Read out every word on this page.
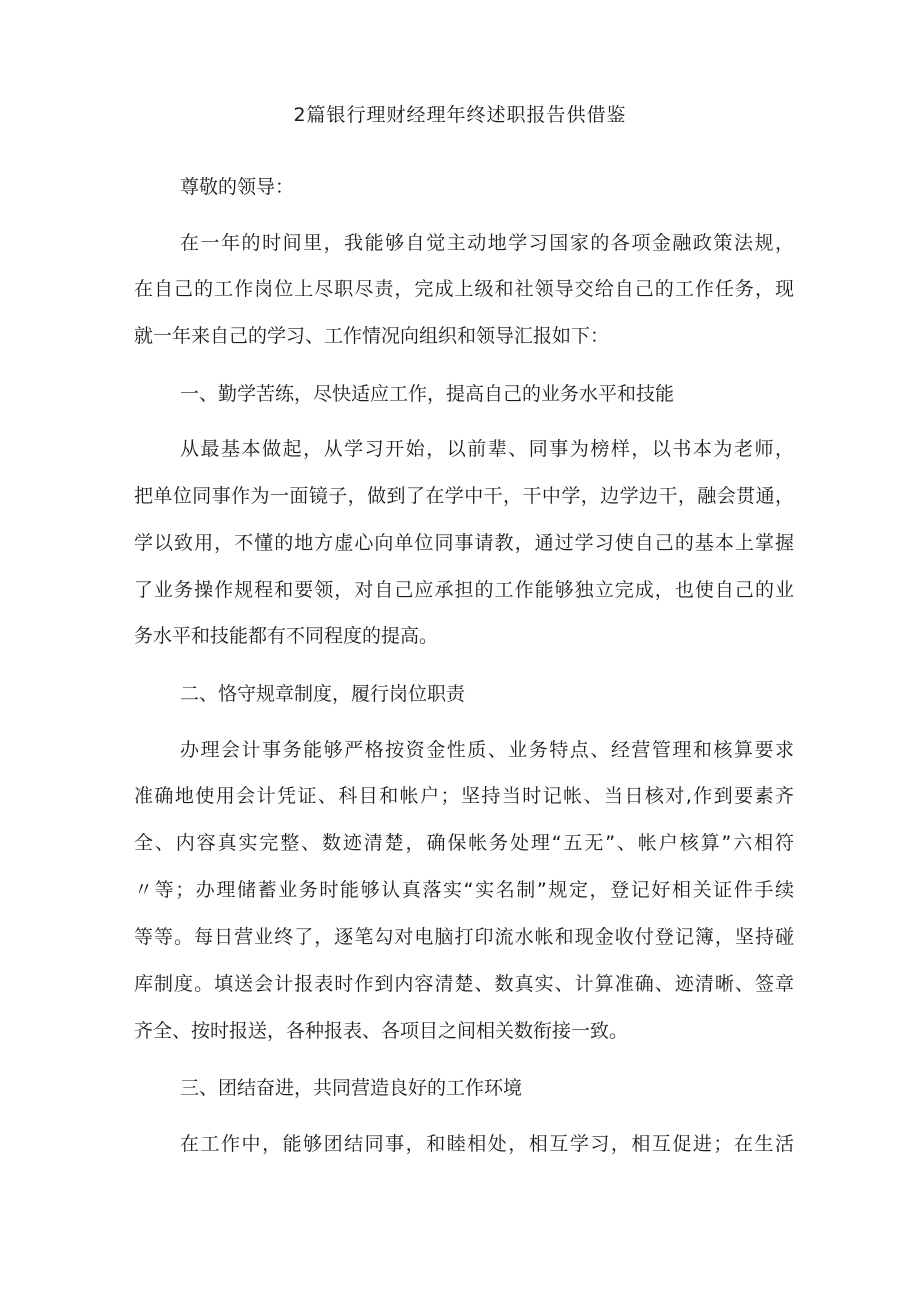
2篇银行理财经理年终述职报告供借鉴

尊敬的领导：

在一年的时间里，我能够自觉主动地学习国家的各项金融政策法规，

在自己的工作岗位上尽职尽责，完成上级和社领导交给自己的工作任务，现

就一年来自己的学习、工作情况向组织和领导汇报如下：

一、勤学苦练，尽快适应工作，提高自己的业务水平和技能

从最基本做起，从学习开始，以前辈、同事为榜样，以书本为老师，

把单位同事作为一面镜子，做到了在学中干，干中学，边学边干，融会贯通，

学以致用，不懂的地方虚心向单位同事请教，通过学习使自己的基本上掌握

了业务操作规程和要领，对自己应承担的工作能够独立完成，也使自己的业

务水平和技能都有不同程度的提高。

二、恪守规章制度，履行岗位职责

办理会计事务能够严格按资金性质、业务特点、经营管理和核算要求

准确地使用会计凭证、科目和帐户；坚持当时记帐、当日核对,作到要素齐

全、内容真实完整、数迹清楚，确保帐务处理“五无”、帐户核算”六相符

〃等；办理储蓄业务时能够认真落实“实名制”规定，登记好相关证件手续

等等。每日营业终了，逐笔勾对电脑打印流水帐和现金收付登记簿，坚持碰

库制度。填送会计报表时作到内容清楚、数真实、计算准确、迹清晰、签章

齐全、按时报送，各种报表、各项目之间相关数衔接一致。

三、团结奋进，共同营造良好的工作环境

在工作中，能够团结同事，和睦相处，相互学习，相互促进；在生活
